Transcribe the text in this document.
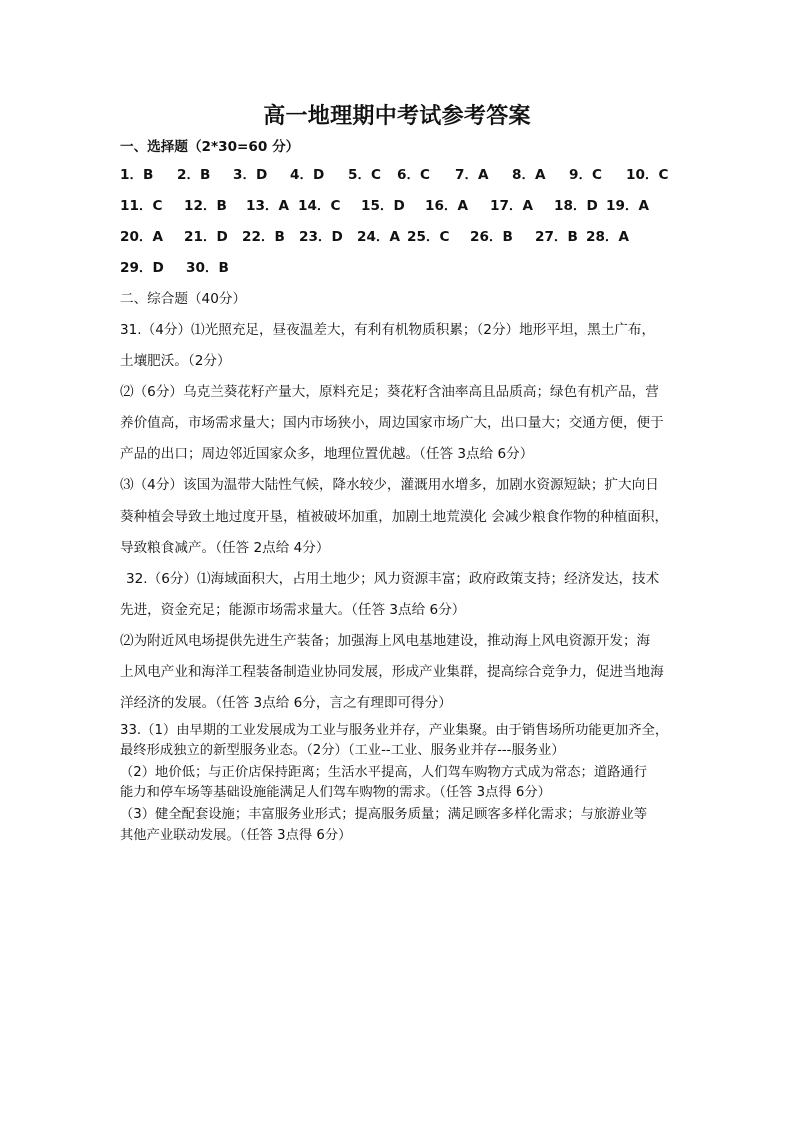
高一地理期中考试参考答案
一、选择题（2*30=60 分）
1．B 2．B 3．D 4．D 5．C 6．C 7．A 8．A 9．C 10．C
11．C 12．B 13．A 14．C 15．D 16．A 17．A 18．D 19．A
20．A 21．D 22．B 23．D 24．A 25．C 26．B 27．B 28．A
29．D 30．B
二、综合题（40分）
31.（4分）⑴光照充足，昼夜温差大，有利有机物质积累；（2分）地形平坦，黑土广布，
土壤肥沃。（2分）
⑵（6分）乌克兰葵花籽产量大，原料充足；葵花籽含油率高且品质高；绿色有机产品，营
养价值高，市场需求量大；国内市场狭小，周边国家市场广大，出口量大；交通方便，便于
产品的出口；周边邻近国家众多，地理位置优越。（任答 3点给 6分）
⑶（4分）该国为温带大陆性气候，降水较少，灌溉用水增多，加剧水资源短缺；扩大向日
葵种植会导致土地过度开垦，植被破坏加重，加剧土地荒漠化 会减少粮食作物的种植面积，
导致粮食减产。（任答 2点给 4分）
32.（6分）⑴海域面积大，占用土地少；风力资源丰富；政府政策支持；经济发达，技术
先进，资金充足；能源市场需求量大。（任答 3点给 6分）
⑵为附近风电场提供先进生产装备；加强海上风电基地建设，推动海上风电资源开发；海
上风电产业和海洋工程装备制造业协同发展，形成产业集群，提高综合竞争力，促进当地海
洋经济的发展。（任答 3点给 6分，言之有理即可得分）
33.（1）由早期的工业发展成为工业与服务业并存，产业集聚。由于销售场所功能更加齐全，
最终形成独立的新型服务业态。（2分）（工业--工业、服务业并存---服务业）
（2）地价低；与正价店保持距离；生活水平提高，人们驾车购物方式成为常态；道路通行
能力和停车场等基础设施能满足人们驾车购物的需求。（任答 3点得 6分）
（3）健全配套设施；丰富服务业形式；提高服务质量；满足顾客多样化需求；与旅游业等
其他产业联动发展。（任答 3点得 6分）
